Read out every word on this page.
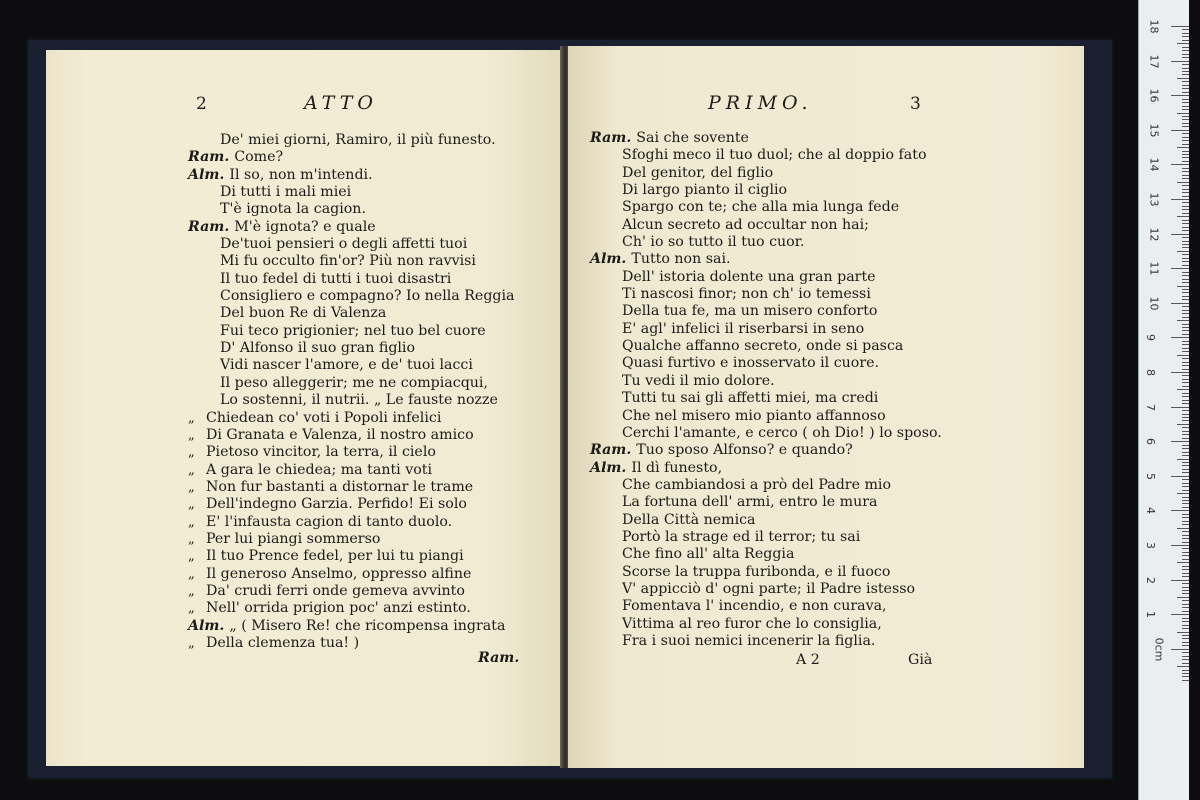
2	ATTO
De' miei giorni, Ramiro, il più funesto.
Ram. Come?
Alm. Il so, non m'intendi.
Di tutti i mali miei
T'è ignota la cagion.
Ram. M'è ignota? e quale
De'tuoi pensieri o degli affetti tuoi
Mi fu occulto fin'or? Più non ravvisi
Il tuo fedel di tutti i tuoi disastri
Consigliero e compagno? Io nella Reggia
Del buon Re di Valenza
Fui teco prigionier; nel tuo bel cuore
D' Alfonso il suo gran figlio
Vidi nascer l'amore, e de' tuoi lacci
Il peso alleggerir; me ne compiacqui,
Lo sostenni, il nutrii. „ Le fauste nozze
„ Chiedean co' voti i Popoli infelici
„ Di Granata e Valenza, il nostro amico
„ Pietoso vincitor, la terra, il cielo
„ A gara le chiedea; ma tanti voti
„ Non fur bastanti a distornar le trame
„ Dell'indegno Garzia. Perfido! Ei solo
„ E' l'infausta cagion di tanto duolo.
„ Per lui piangi sommerso
„ Il tuo Prence fedel, per lui tu piangi
„ Il generoso Anselmo, oppresso alfine
„ Da' crudi ferri onde gemeva avvinto
„ Nell' orrida prigion poc' anzi estinto.
Alm. „ ( Misero Re! che ricompensa ingrata
„ Della clemenza tua! )
Ram.
PRIMO.	3
Ram. Sai che sovente
Sfoghi meco il tuo duol; che al doppio fato
Del genitor, del figlio
Di largo pianto il ciglio
Spargo con te; che alla mia lunga fede
Alcun secreto ad occultar non hai;
Ch' io so tutto il tuo cuor.
Alm. Tutto non sai.
Dell' istoria dolente una gran parte
Ti nascosi finor; non ch' io temessi
Della tua fe, ma un misero conforto
E' agl' infelici il riserbarsi in seno
Qualche affanno secreto, onde si pasca
Quasi furtivo e inosservato il cuore.
Tu vedi il mio dolore.
Tutti tu sai gli affetti miei, ma credi
Che nel misero mio pianto affannoso
Cerchi l'amante, e cerco ( oh Dio! ) lo sposo.
Ram. Tuo sposo Alfonso? e quando?
Alm. Il dì funesto,
Che cambiandosi a prò del Padre mio
La fortuna dell' armi, entro le mura
Della Città nemica
Portò la strage ed il terror; tu sai
Che fino all' alta Reggia
Scorse la truppa furibonda, e il fuoco
V' appicciò d' ogni parte; il Padre istesso
Fomentava l' incendio, e non curava,
Vittima al reo furor che lo consiglia,
Fra i suoi nemici incenerir la figlia.
A 2	Già
18
17
16
15
14
13
12
11
10
9
8
7
6
5
4
3
2
1
0cm
